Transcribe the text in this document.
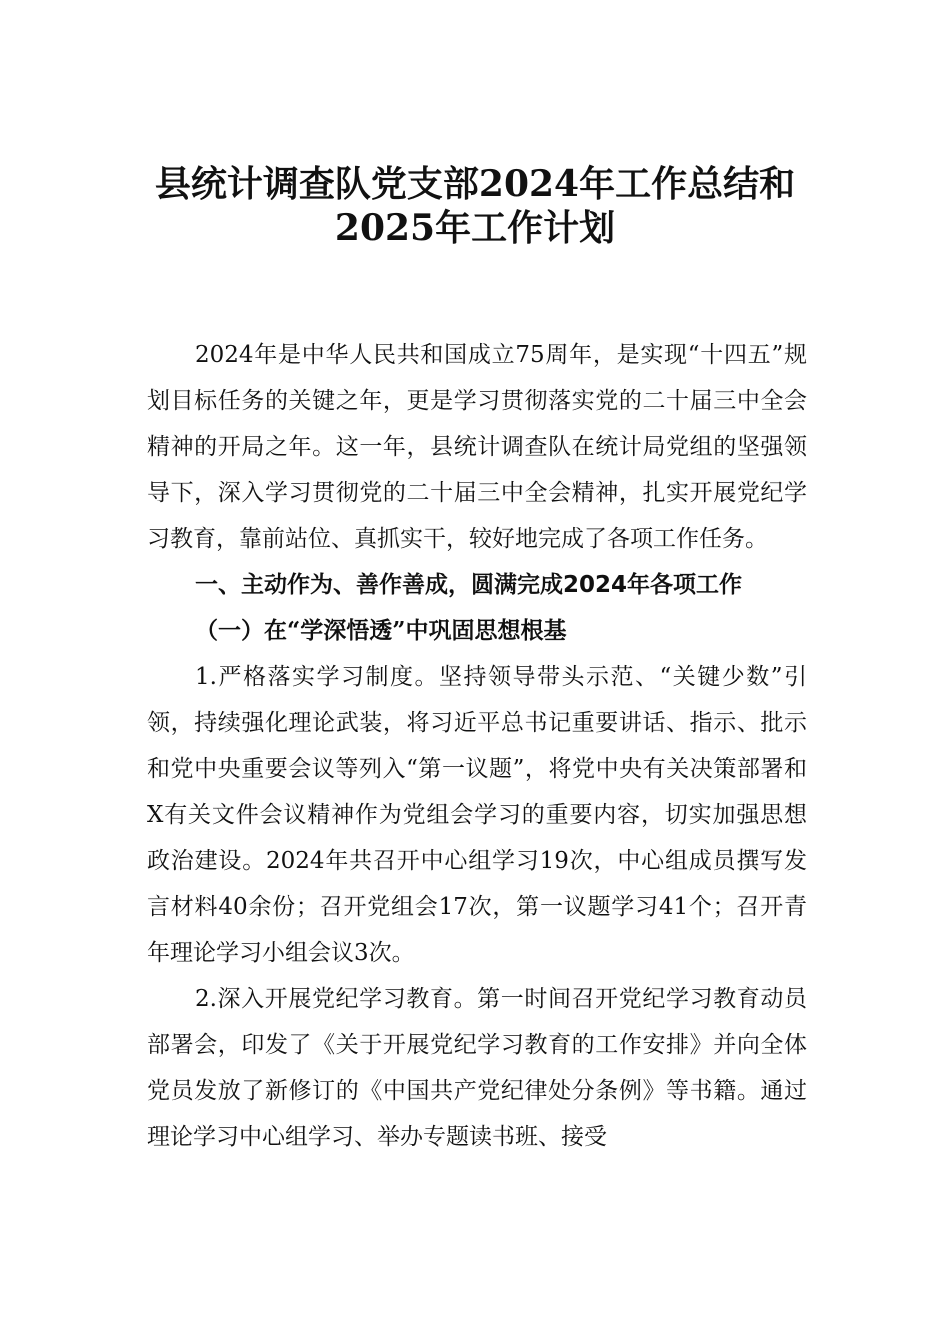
县统计调查队党支部2024年工作总结和
2025年工作计划

2024年是中华人民共和国成立75周年，是实现“十四五”规划目标任务的关键之年，更是学习贯彻落实党的二十届三中全会精神的开局之年。这一年，县统计调查队在统计局党组的坚强领导下，深入学习贯彻党的二十届三中全会精神，扎实开展党纪学习教育，靠前站位、真抓实干，较好地完成了各项工作任务。

一、主动作为、善作善成，圆满完成2024年各项工作

（一）在“学深悟透”中巩固思想根基

1.严格落实学习制度。坚持领导带头示范、“关键少数”引领，持续强化理论武装，将习近平总书记重要讲话、指示、批示和党中央重要会议等列入“第一议题”，将党中央有关决策部署和X有关文件会议精神作为党组会学习的重要内容，切实加强思想政治建设。2024年共召开中心组学习19次，中心组成员撰写发言材料40余份；召开党组会17次，第一议题学习41个；召开青年理论学习小组会议3次。

2.深入开展党纪学习教育。第一时间召开党纪学习教育动员部署会，印发了《关于开展党纪学习教育的工作安排》并向全体党员发放了新修订的《中国共产党纪律处分条例》等书籍。通过理论学习中心组学习、举办专题读书班、接受
